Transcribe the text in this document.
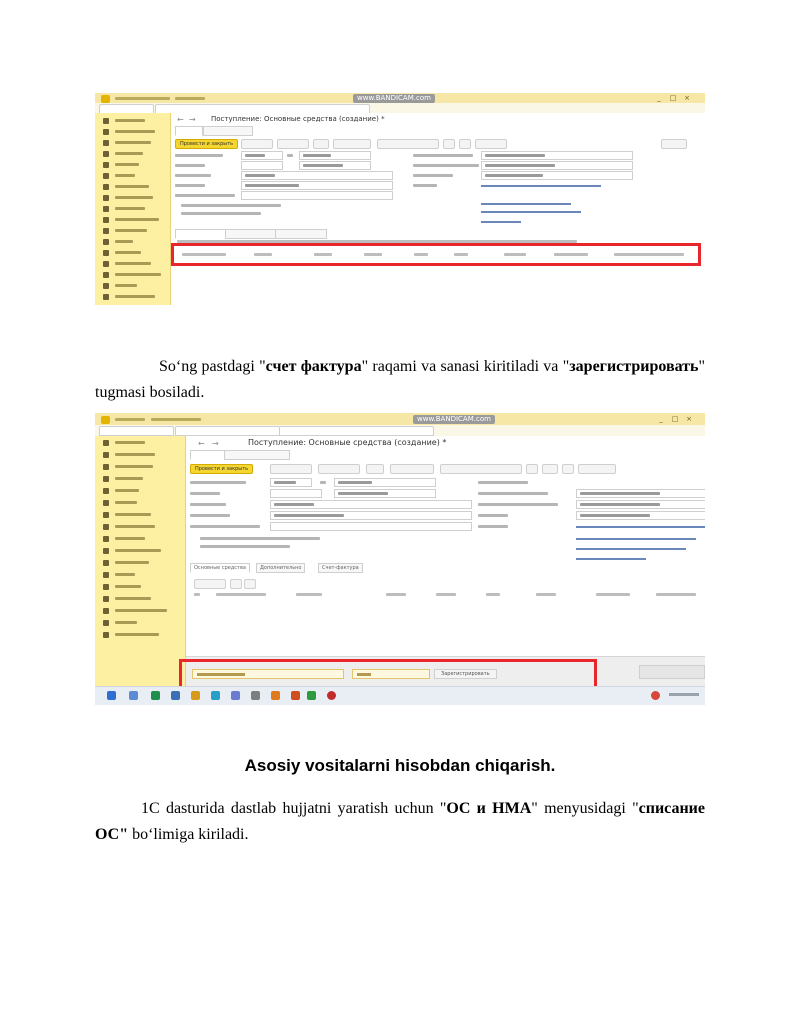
www.BANDICAM.com	_	□ ×
← → Поступление: Основные средства (создание) *
Провести и закрыть
So‘ng pastdagi "счет фактура" raqami va sanasi kiritiladi va "зарегистрировать" tugmasi bosiladi.
www.BANDICAM.com	_	□ ×
← →	Поступление: Основные средства (создание) *
Провести и закрыть
Основные средства	Дополнительно	Счет-фактура
Зарегистрировать
Asosiy vositalarni hisobdan chiqarish.
1C dasturida dastlab hujjatni yaratish uchun "OC и НМА" menyusidagi "списание ОС" bo‘limiga kiriladi.
